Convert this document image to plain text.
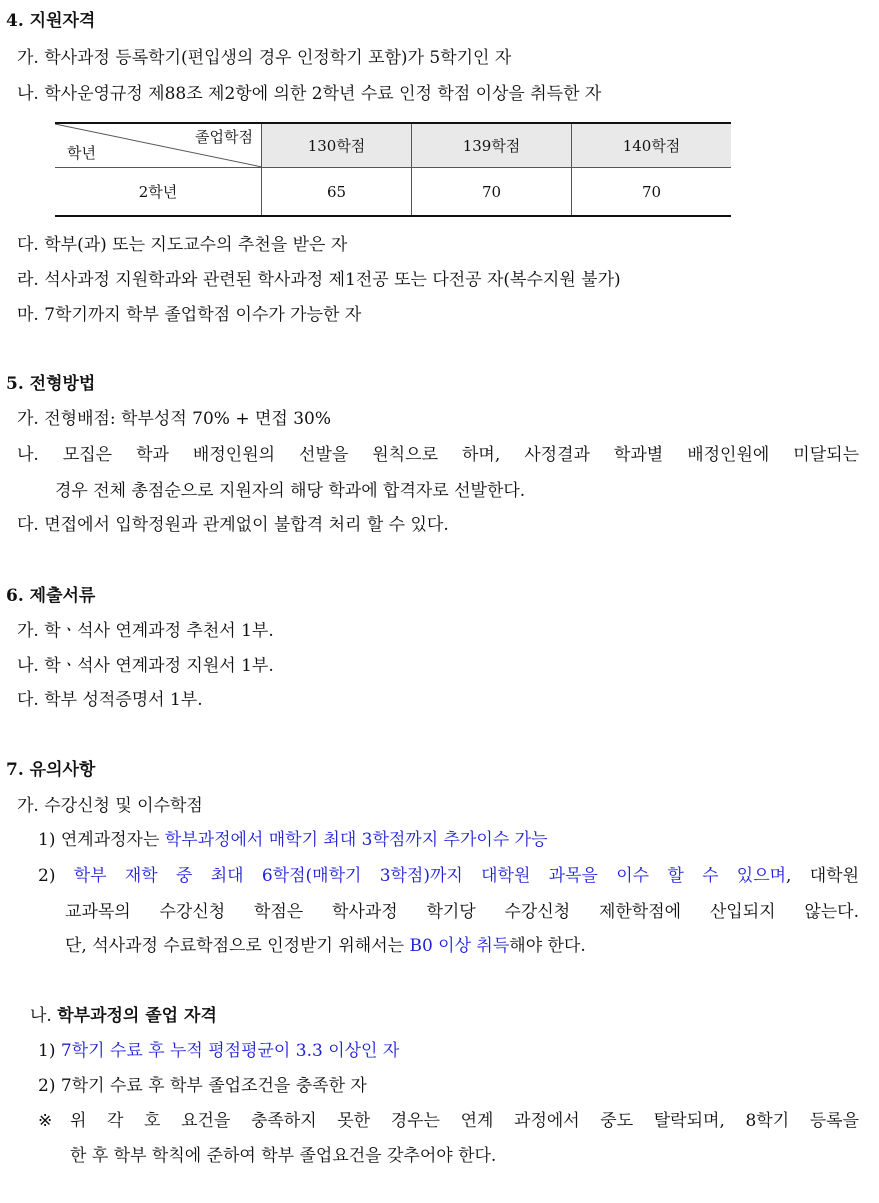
4. 지원자격
가. 학사과정 등록학기(편입생의 경우 인정학기 포함)가 5학기인 자
나. 학사운영규정 제88조 제2항에 의한 2학년 수료 인정 학점 이상을 취득한 자
졸업학점
학년	130학점	139학점	140학점
2학년	65	70	70
다. 학부(과) 또는 지도교수의 추천을 받은 자
라. 석사과정 지원학과와 관련된 학사과정 제1전공 또는 다전공 자(복수지원 불가)
마. 7학기까지 학부 졸업학점 이수가 가능한 자
5. 전형방법
가. 전형배점: 학부성적 70% + 면접 30%
나. 모집은 학과 배정인원의 선발을 원칙으로 하며, 사정결과 학과별 배정인원에 미달되는
경우 전체 총점순으로 지원자의 해당 학과에 합격자로 선발한다.
다. 면접에서 입학정원과 관계없이 불합격 처리 할 수 있다.
6. 제출서류
가. 학ㆍ석사 연계과정 추천서 1부.
나. 학ㆍ석사 연계과정 지원서 1부.
다. 학부 성적증명서 1부.
7. 유의사항
가. 수강신청 및 이수학점
1) 연계과정자는 학부과정에서 매학기 최대 3학점까지 추가이수 가능
2) 학부 재학 중 최대 6학점(매학기 3학점)까지 대학원 과목을 이수 할 수 있으며, 대학원
교과목의 수강신청 학점은 학사과정 학기당 수강신청 제한학점에 산입되지 않는다.
단, 석사과정 수료학점으로 인정받기 위해서는 B0 이상 취득해야 한다.
나. 학부과정의 졸업 자격
1) 7학기 수료 후 누적 평점평균이 3.3 이상인 자
2) 7학기 수료 후 학부 졸업조건을 충족한 자
※	위 각 호 요건을 충족하지 못한 경우는 연계 과정에서 중도 탈락되며, 8학기 등록을
한 후 학부 학칙에 준하여 학부 졸업요건을 갖추어야 한다.
